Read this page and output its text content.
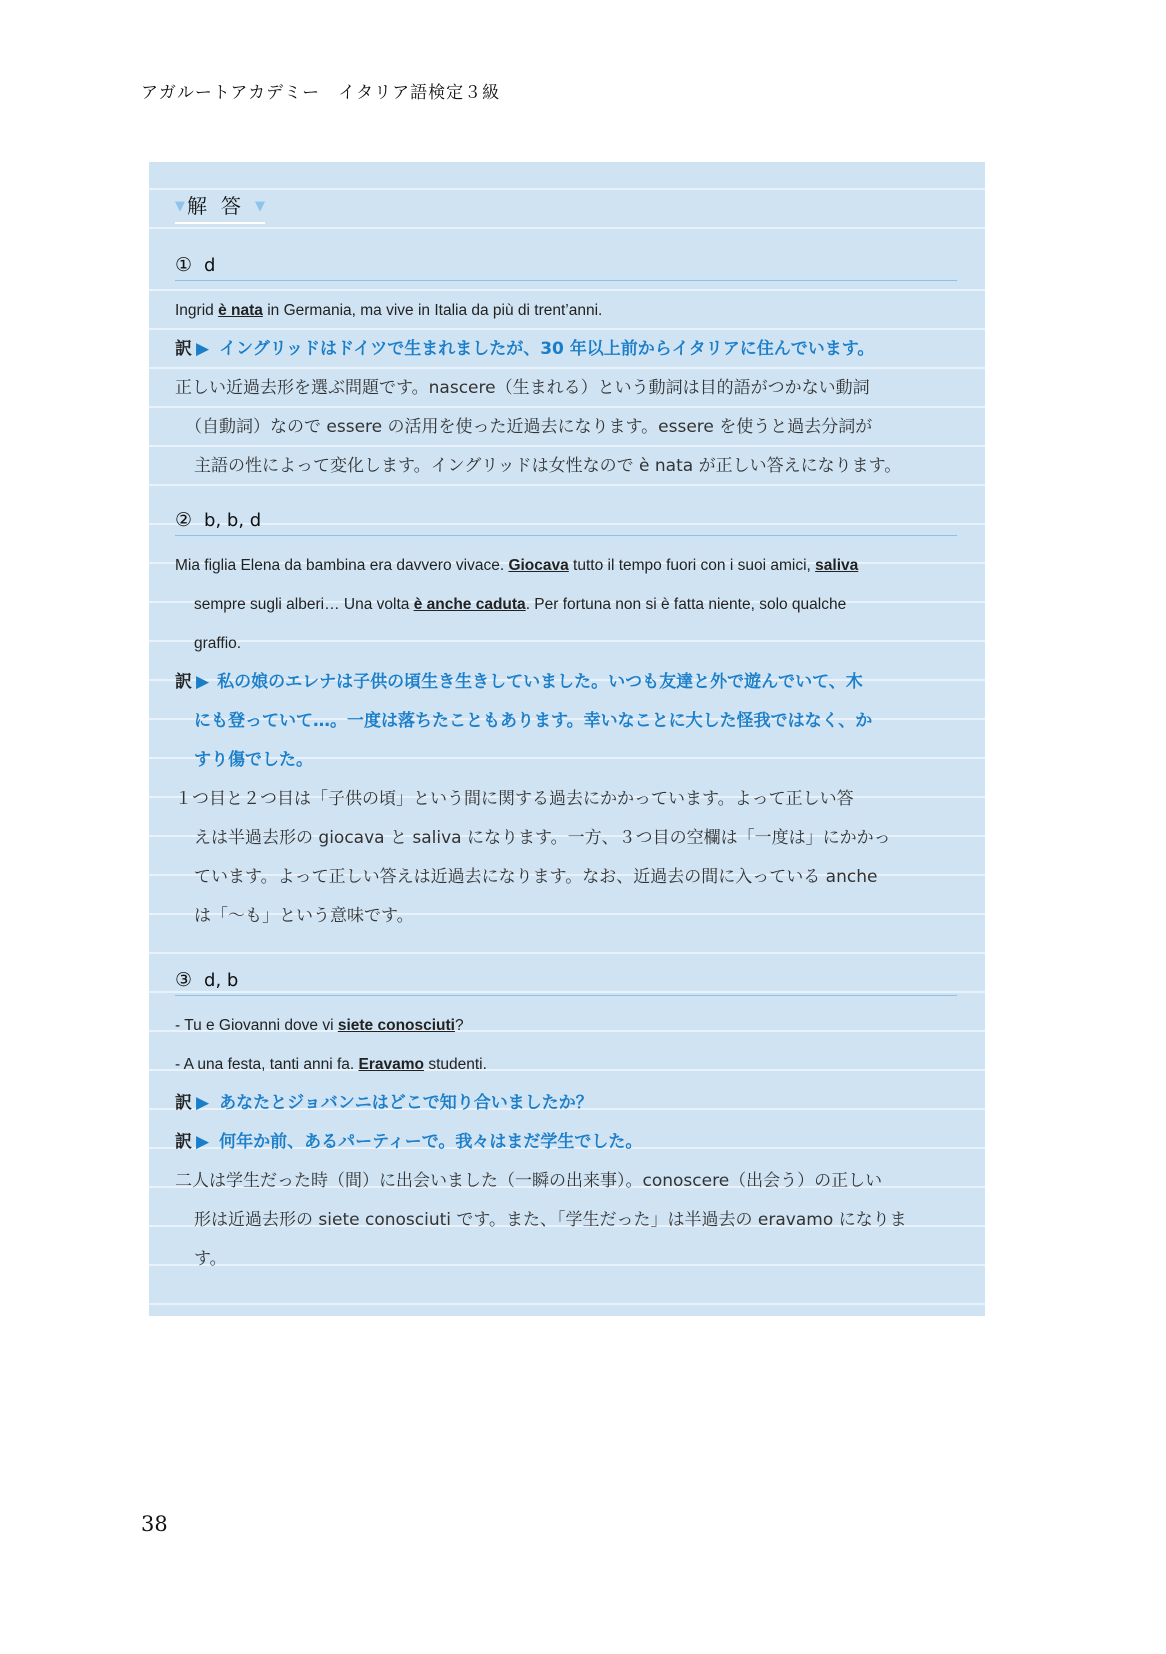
アガルートアカデミー　イタリア語検定３級
▼ 解答▼
① d
Ingrid è nata in Germania, ma vive in Italia da più di trent’anni.
訳 ▶ イングリッドはドイツで生まれましたが、30 年以上前からイタリアに住んでいます。
正しい近過去形を選ぶ問題です。nascere（生まれる）という動詞は目的語がつかない動詞
（自動詞）なので essere の活用を使った近過去になります。essere を使うと過去分詞が
主語の性によって変化します。イングリッドは女性なので è nata が正しい答えになります。
② b, b, d
Mia figlia Elena da bambina era davvero vivace. Giocava tutto il tempo fuori con i suoi amici, saliva
sempre sugli alberi… Una volta è anche caduta. Per fortuna non si è fatta niente, solo qualche
graffio.
訳 ▶ 私の娘のエレナは子供の頃生き生きしていました。いつも友達と外で遊んでいて、木
にも登っていて…。一度は落ちたこともあります。幸いなことに大した怪我ではなく、か
すり傷でした。
１つ目と２つ目は「子供の頃」という間に関する過去にかかっています。よって正しい答
えは半過去形の giocava と saliva になります。一方、３つ目の空欄は「一度は」にかかっ
ています。よって正しい答えは近過去になります。なお、近過去の間に入っている anche
は「～も」という意味です。
③ d, b
- Tu e Giovanni dove vi siete conosciuti?
- A una festa, tanti anni fa. Eravamo studenti.
訳 ▶ あなたとジョバンニはどこで知り合いましたか？
訳 ▶ 何年か前、あるパーティーで。我々はまだ学生でした。
二人は学生だった時（間）に出会いました（一瞬の出来事）。conoscere（出会う）の正しい
形は近過去形の siete conosciuti です。また、「学生だった」は半過去の eravamo になりま
す。
38
